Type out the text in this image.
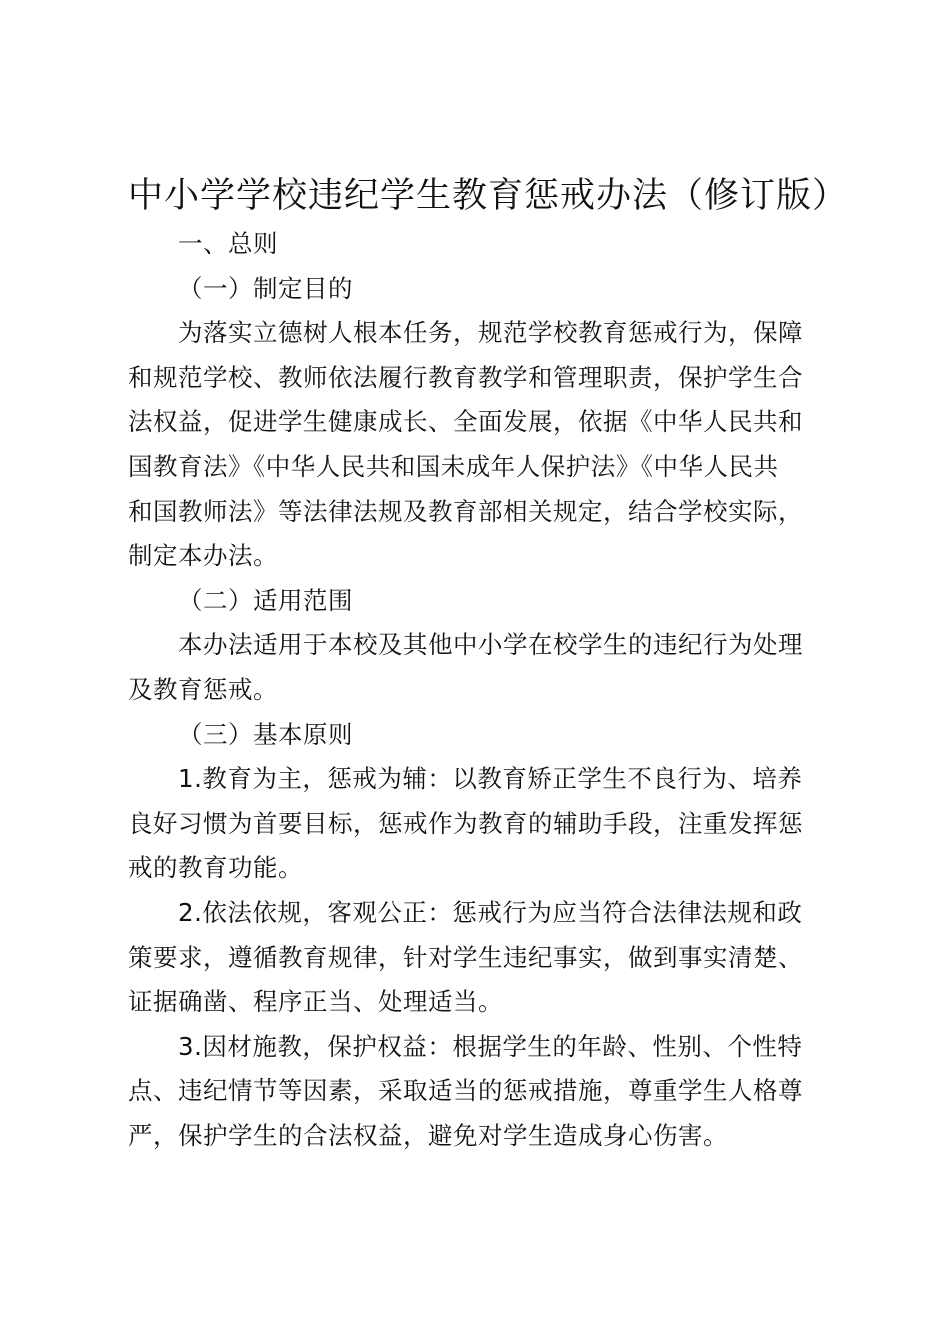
中小学学校违纪学生教育惩戒办法（修订版）
一、总则
（一）制定目的

为落实立德树人根本任务，规范学校教育惩戒行为，保障
和规范学校、教师依法履行教育教学和管理职责，保护学生合
法权益，促进学生健康成长、全面发展，依据《中华人民共和
国教育法》《中华人民共和国未成年人保护法》《中华人民共
和国教师法》等法律法规及教育部相关规定，结合学校实际，
制定本办法。

（二）适用范围

本办法适用于本校及其他中小学在校学生的违纪行为处理
及教育惩戒。

（三）基本原则

1.教育为主，惩戒为辅：以教育矫正学生不良行为、培养
良好习惯为首要目标，惩戒作为教育的辅助手段，注重发挥惩
戒的教育功能。

2.依法依规，客观公正：惩戒行为应当符合法律法规和政
策要求，遵循教育规律，针对学生违纪事实，做到事实清楚、
证据确凿、程序正当、处理适当。

3.因材施教，保护权益：根据学生的年龄、性别、个性特
点、违纪情节等因素，采取适当的惩戒措施，尊重学生人格尊
严，保护学生的合法权益，避免对学生造成身心伤害。
